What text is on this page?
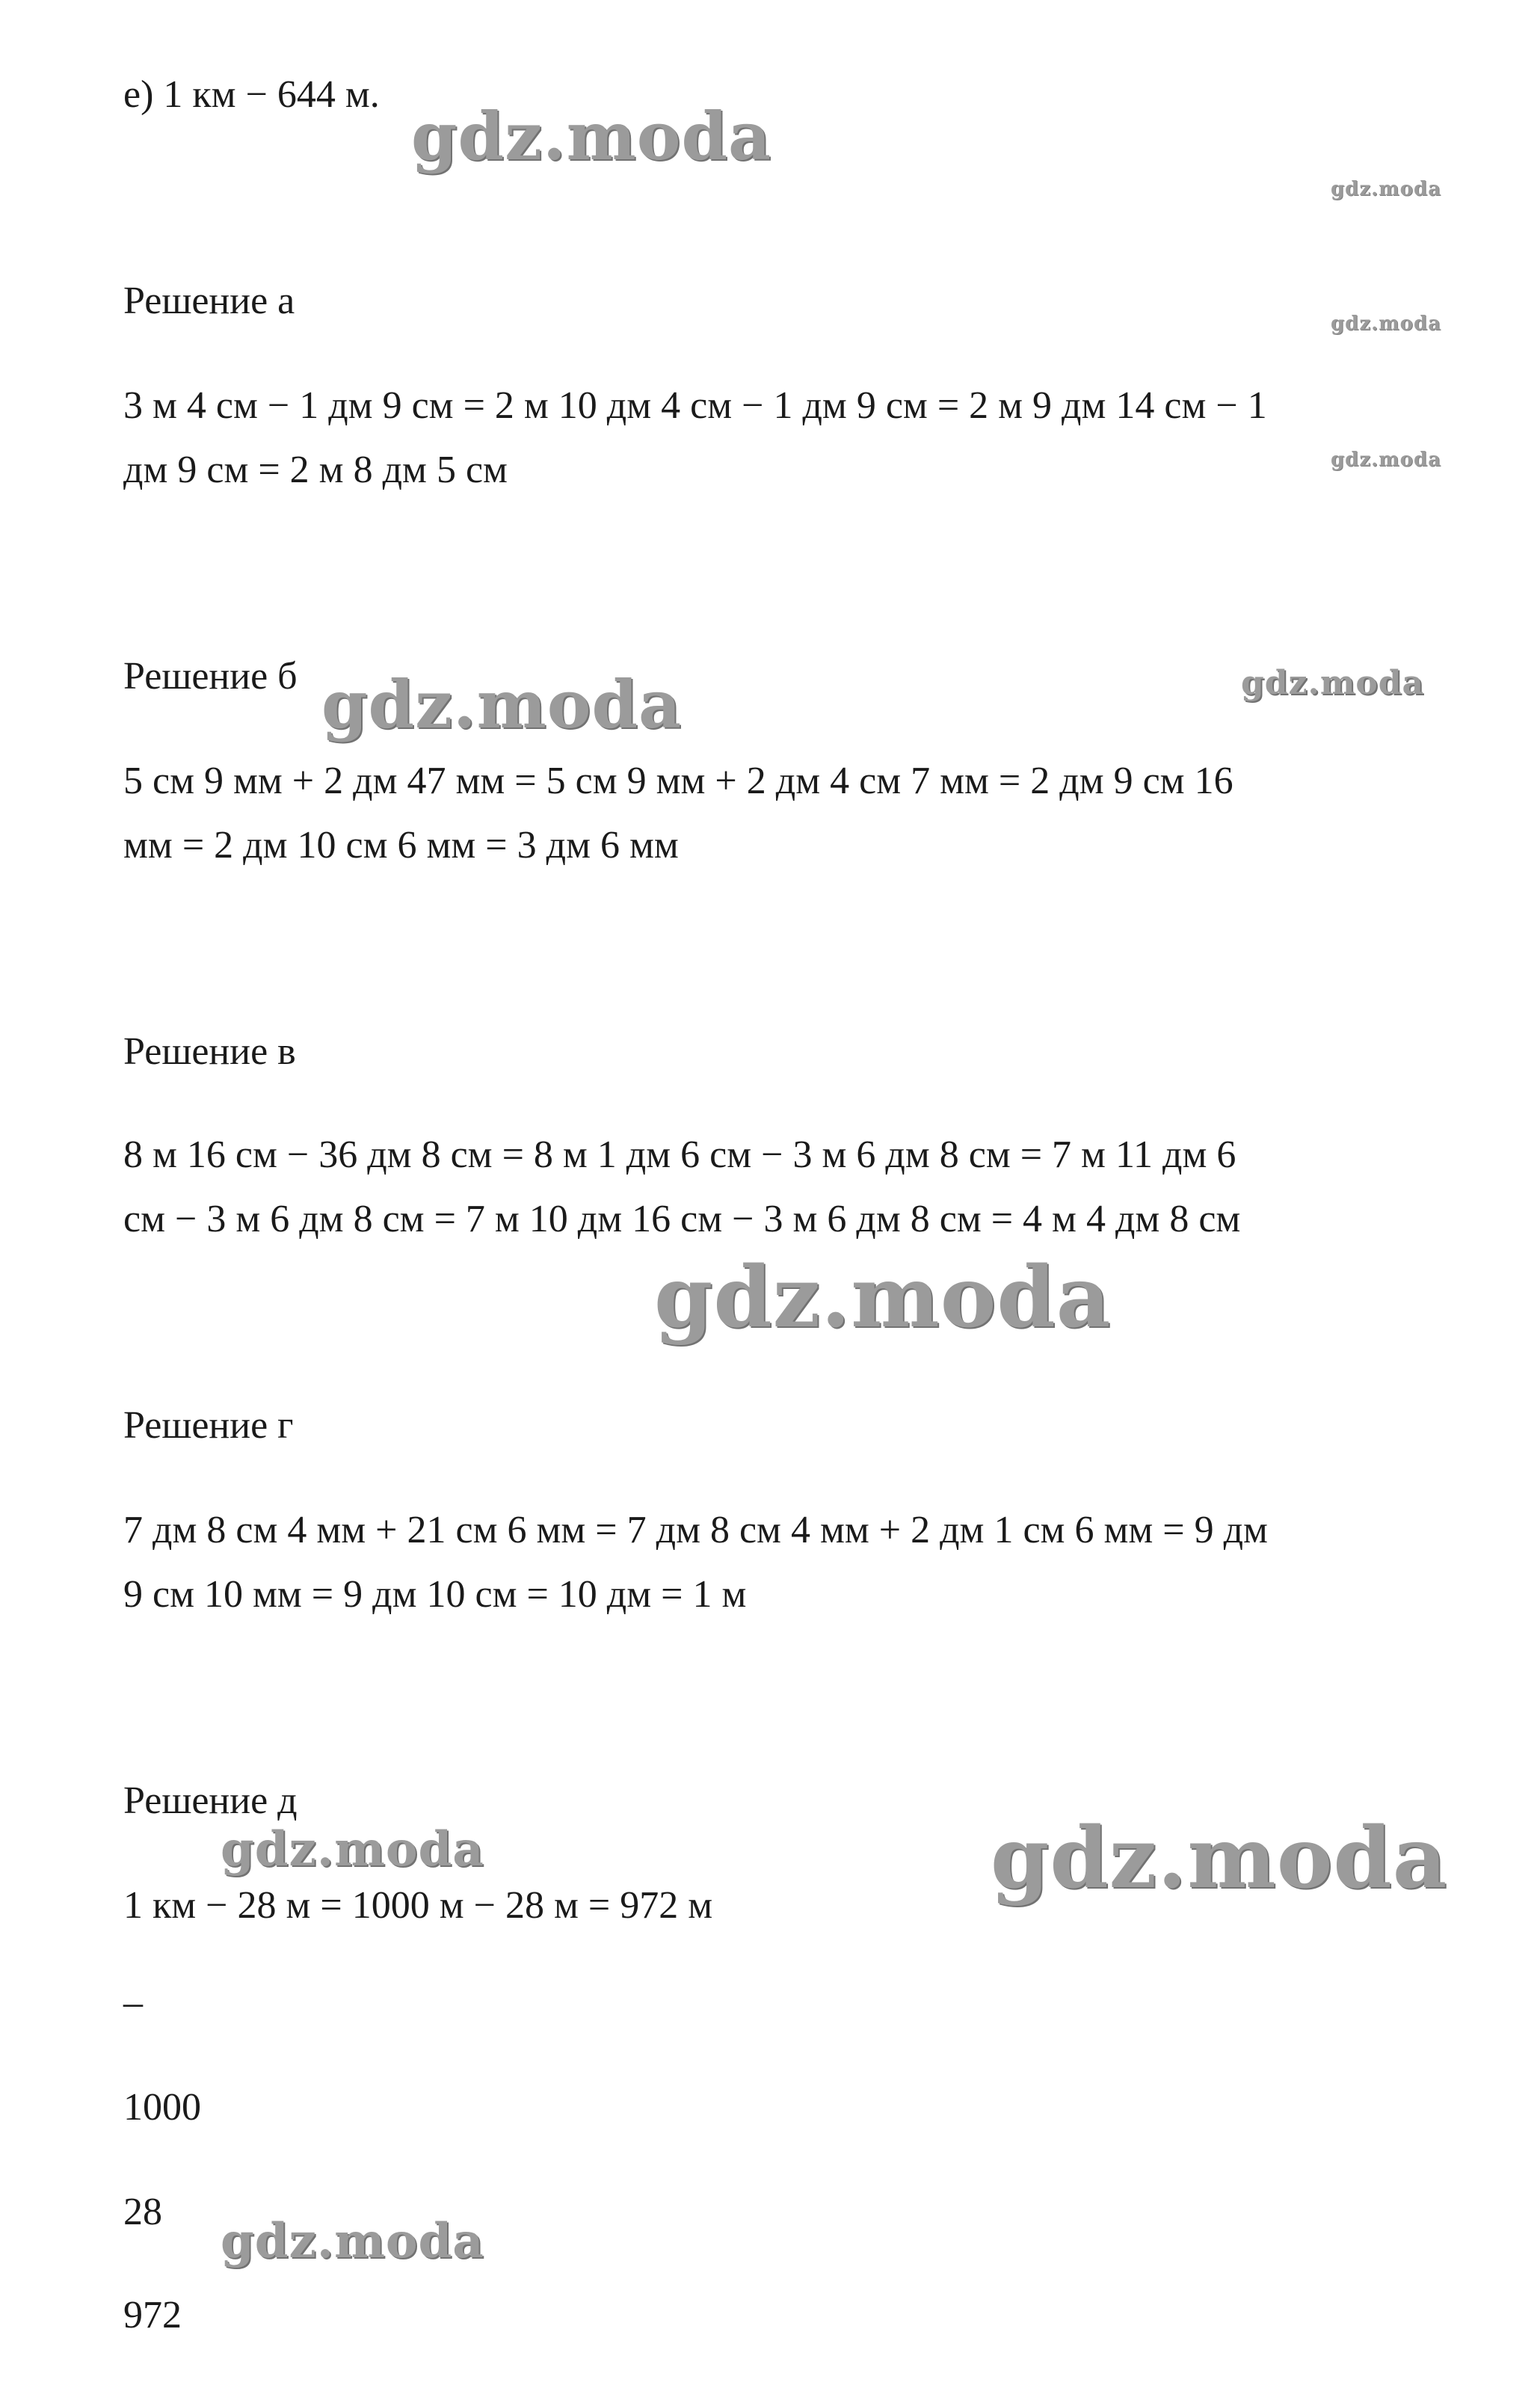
е) 1 км − 644 м.

Решение а

3 м 4 см − 1 дм 9 см = 2 м 10 дм 4 см − 1 дм 9 см = 2 м 9 дм 14 см − 1

дм 9 см = 2 м 8 дм 5 см

Решение б

5 см 9 мм + 2 дм 47 мм = 5 см 9 мм + 2 дм 4 см 7 мм = 2 дм 9 см 16

мм = 2 дм 10 см 6 мм = 3 дм 6 мм

Решение в

8 м 16 см − 36 дм 8 см = 8 м 1 дм 6 см − 3 м 6 дм 8 см = 7 м 11 дм 6

см − 3 м 6 дм 8 см = 7 м 10 дм 16 см − 3 м 6 дм 8 см = 4 м 4 дм 8 см

Решение г

7 дм 8 см 4 мм + 21 см 6 мм = 7 дм 8 см 4 мм + 2 дм 1 см 6 мм = 9 дм

9 см 10 мм = 9 дм 10 см = 10 дм = 1 м

Решение д

1 км − 28 м = 1000 м − 28 м = 972 м

–

1000

28

972

gdz.moda

gdz.moda

gdz.moda

gdz.moda

gdz.moda	gdz.moda

gdz.moda

gdz.moda	gdz.moda

gdz.moda
